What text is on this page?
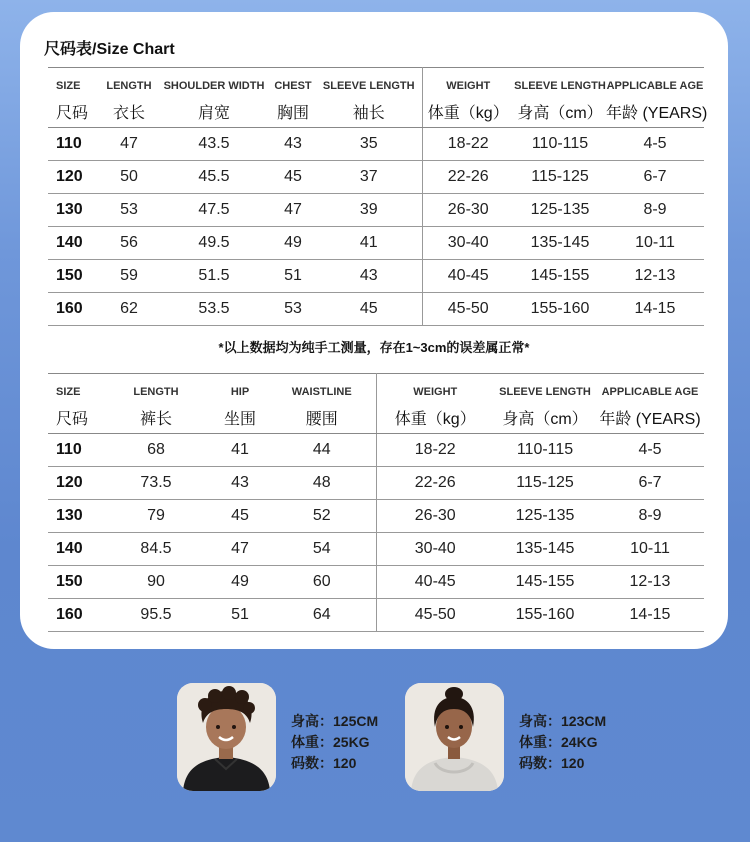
尺码表/Size Chart
SIZE	LENGTH	SHOULDER WIDTH	CHEST	SLEEVE LENGTH	WEIGHT	SLEEVE LENGTH	APPLICABLE AGE
尺码	衣长	肩宽	胸围	袖长	体重（kg）	身高（cm）	年龄 (YEARS)
110	47	43.5	43	35	18-22	110-115	4-5
120	50	45.5	45	37	22-26	115-125	6-7
130	53	47.5	47	39	26-30	125-135	8-9
140	56	49.5	49	41	30-40	135-145	10-11
150	59	51.5	51	43	40-45	145-155	12-13
160	62	53.5	53	45	45-50	155-160	14-15
*以上数据均为纯手工测量，存在1~3cm的误差属正常*
SIZE	LENGTH	HIP	WAISTLINE	WEIGHT	SLEEVE LENGTH	APPLICABLE AGE
尺码	裤长	坐围	腰围	体重（kg）	身高（cm）	年龄 (YEARS)
110	68	41	44	18-22	110-115	4-5
120	73.5	43	48	22-26	115-125	6-7
130	79	45	52	26-30	125-135	8-9
140	84.5	47	54	30-40	135-145	10-11
150	90	49	60	40-45	145-155	12-13
160	95.5	51	64	45-50	155-160	14-15
身高：125CM
体重：25KG
码数：120
身高：123CM
体重：24KG
码数：120
